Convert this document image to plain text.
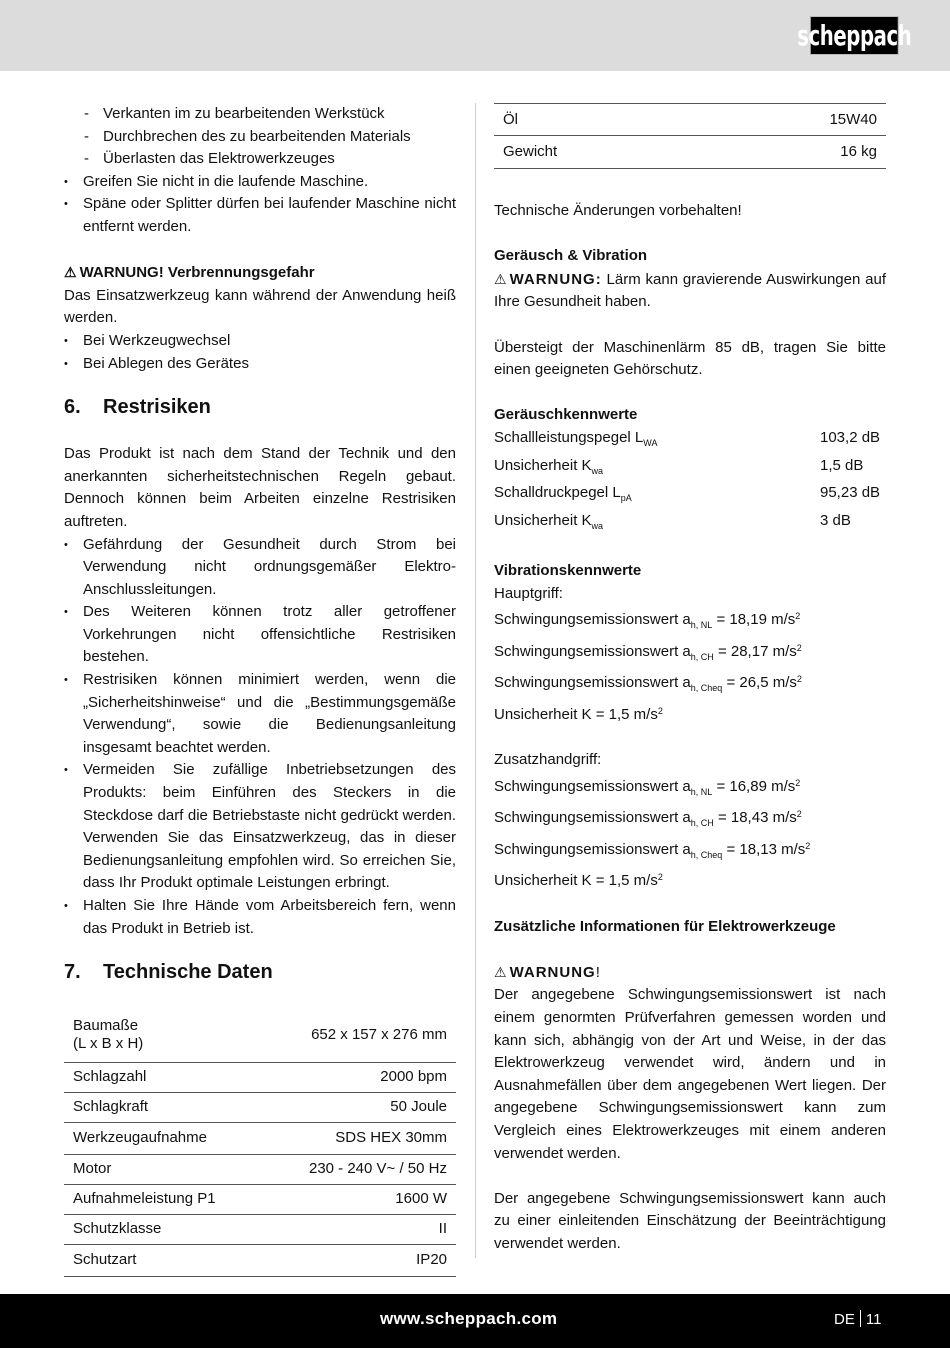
scheppach
- Verkanten im zu bearbeitenden Werkstück
- Durchbrechen des zu bearbeitenden Materials
- Überlasten das Elektrowerkzeuges
• Greifen Sie nicht in die laufende Maschine.
• Späne oder Splitter dürfen bei laufender Maschine nicht entfernt werden.
⚠ WARNUNG! Verbrennungsgefahr
Das Einsatzwerkzeug kann während der Anwendung heiß werden.
• Bei Werkzeugwechsel
• Bei Ablegen des Gerätes
6.	Restrisiken
Das Produkt ist nach dem Stand der Technik und den anerkannten sicherheitstechnischen Regeln gebaut. Dennoch können beim Arbeiten einzelne Restrisiken auftreten.
• Gefährdung der Gesundheit durch Strom bei Verwendung nicht ordnungsgemäßer Elektro-Anschlussleitungen.
• Des Weiteren können trotz aller getroffener Vorkehrungen nicht offensichtliche Restrisiken bestehen.
• Restrisiken können minimiert werden, wenn die „Sicherheitshinweise“ und die „Bestimmungsgemäße Verwendung“, sowie die Bedienungsanleitung insgesamt beachtet werden.
• Vermeiden Sie zufällige Inbetriebsetzungen des Produkts: beim Einführen des Steckers in die Steckdose darf die Betriebstaste nicht gedrückt werden. Verwenden Sie das Einsatzwerkzeug, das in dieser Bedienungsanleitung empfohlen wird. So erreichen Sie, dass Ihr Produkt optimale Leistungen erbringt.
• Halten Sie Ihre Hände vom Arbeitsbereich fern, wenn das Produkt in Betrieb ist.
7.	Technische Daten
Baumaße
(L x B x H)	652 x 157 x 276 mm
Schlagzahl	2000 bpm
Schlagkraft	50 Joule
Werkzeugaufnahme	SDS HEX 30mm
Motor	230 - 240 V~ / 50 Hz
Aufnahmeleistung P1	1600 W
Schutzklasse	II
Schutzart	IP20
Öl	15W40
Gewicht	16 kg
Technische Änderungen vorbehalten!
Geräusch & Vibration
⚠ WARNUNG: Lärm kann gravierende Auswirkungen auf Ihre Gesundheit haben.
Übersteigt der Maschinenlärm 85 dB, tragen Sie bitte einen geeigneten Gehörschutz.
Geräuschkennwerte
Schallleistungspegel $L_{WA}$	103,2 dB
Unsicherheit $K_{wa}$	1,5 dB
Schalldruckpegel $L_{pA}$	95,23 dB
Unsicherheit $K_{wa}$	3 dB
Vibrationskennwerte
Hauptgriff:
Schwingungsemissionswert $a_{h, NL} = 18,19$ $m/s^2$
Schwingungsemissionswert $a_{h, CH} = 28,17$ $m/s^2$
Schwingungsemissionswert $a_{h, Cheq} = 26,5$ $m/s^2$
Unsicherheit K = 1,5 $m/s^2$
Zusatzhandgriff:
Schwingungsemissionswert $a_{h, NL} = 16,89$ $m/s^2$
Schwingungsemissionswert $a_{h, CH} = 18,43$ $m/s^2$
Schwingungsemissionswert $a_{h, Cheq} = 18,13$ $m/s^2$
Unsicherheit K = 1,5 $m/s^2$
Zusätzliche Informationen für Elektrowerkzeuge
⚠ WARNUNG!
Der angegebene Schwingungsemissionswert ist nach einem genormten Prüfverfahren gemessen worden und kann sich, abhängig von der Art und Weise, in der das Elektrowerkzeug verwendet wird, ändern und in Ausnahmefällen über dem angegebenen Wert liegen. Der angegebene Schwingungsemissionswert kann zum Vergleich eines Elektrowerkzeuges mit einem anderen verwendet werden.
Der angegebene Schwingungsemissionswert kann auch zu einer einleitenden Einschätzung der Beeinträchtigung verwendet werden.
www.scheppach.com	DE 11
